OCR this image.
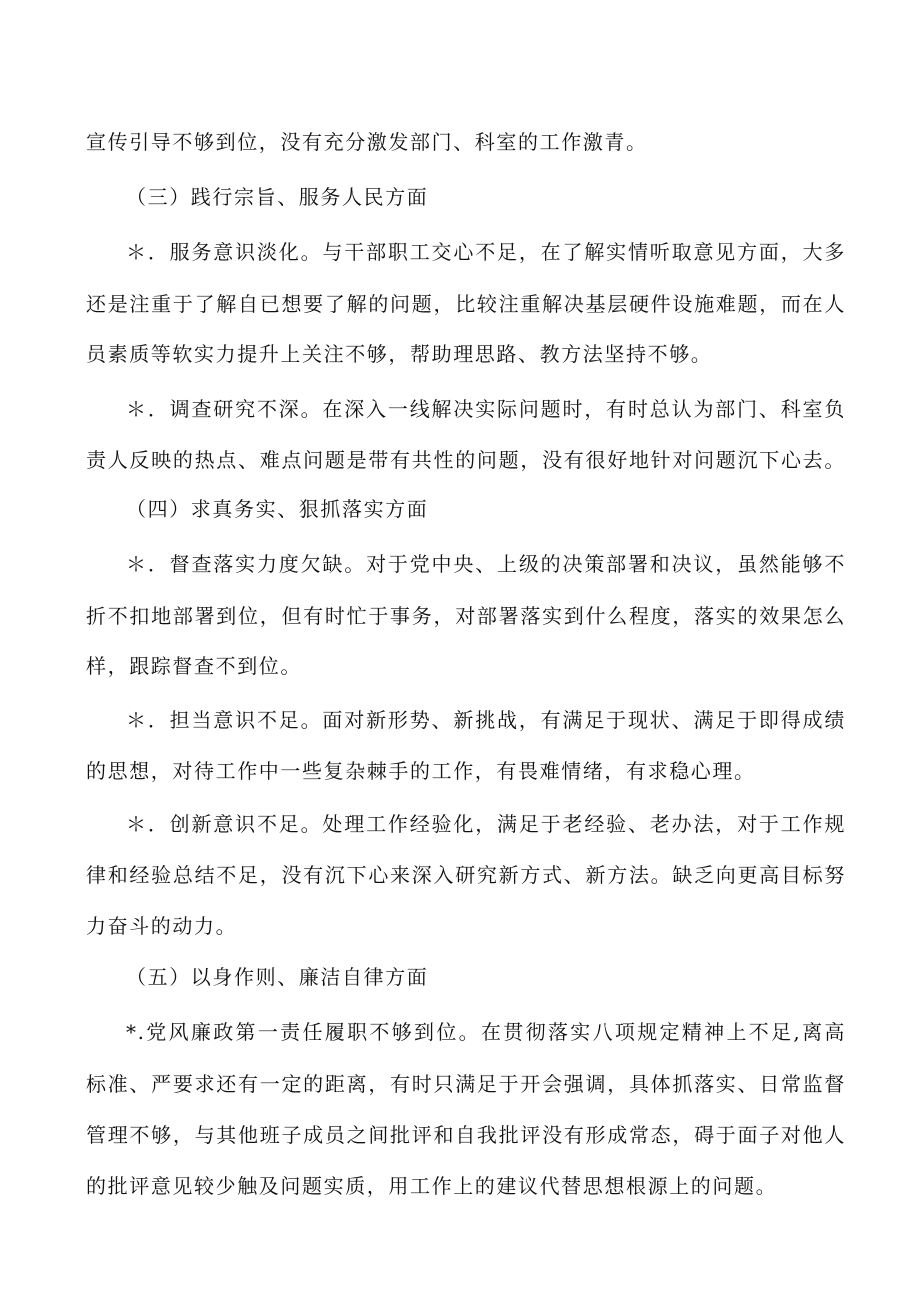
宣传引导不够到位，没有充分激发部门、科室的工作激青。
（三）践行宗旨、服务人民方面
＊．服务意识淡化。与干部职工交心不足，在了解实情听取意见方面，大多
还是注重于了解自已想要了解的问题，比较注重解决基层硬件设施难题，而在人
员素质等软实力提升上关注不够，帮助理思路、教方法坚持不够。
＊．调查研究不深。在深入一线解决实际问题时，有时总认为部门、科室负
责人反映的热点、难点问题是带有共性的问题，没有很好地针对问题沉下心去。
（四）求真务实、狠抓落实方面
＊．督查落实力度欠缺。对于党中央、上级的决策部署和决议，虽然能够不
折不扣地部署到位，但有时忙于事务，对部署落实到什么程度，落实的效果怎么
样，跟踪督查不到位。
＊．担当意识不足。面对新形势、新挑战，有满足于现状、满足于即得成绩
的思想，对待工作中一些复杂棘手的工作，有畏难情绪，有求稳心理。
＊．创新意识不足。处理工作经验化，满足于老经验、老办法，对于工作规
律和经验总结不足，没有沉下心来深入研究新方式、新方法。缺乏向更高目标努
力奋斗的动力。
（五）以身作则、廉洁自律方面
*.党风廉政第一责任履职不够到位。在贯彻落实八项规定精神上不足,离高
标准、严要求还有一定的距离，有时只满足于开会强调，具体抓落实、日常监督
管理不够，与其他班子成员之间批评和自我批评没有形成常态，碍于面子对他人
的批评意见较少触及问题实质，用工作上的建议代替思想根源上的问题。
